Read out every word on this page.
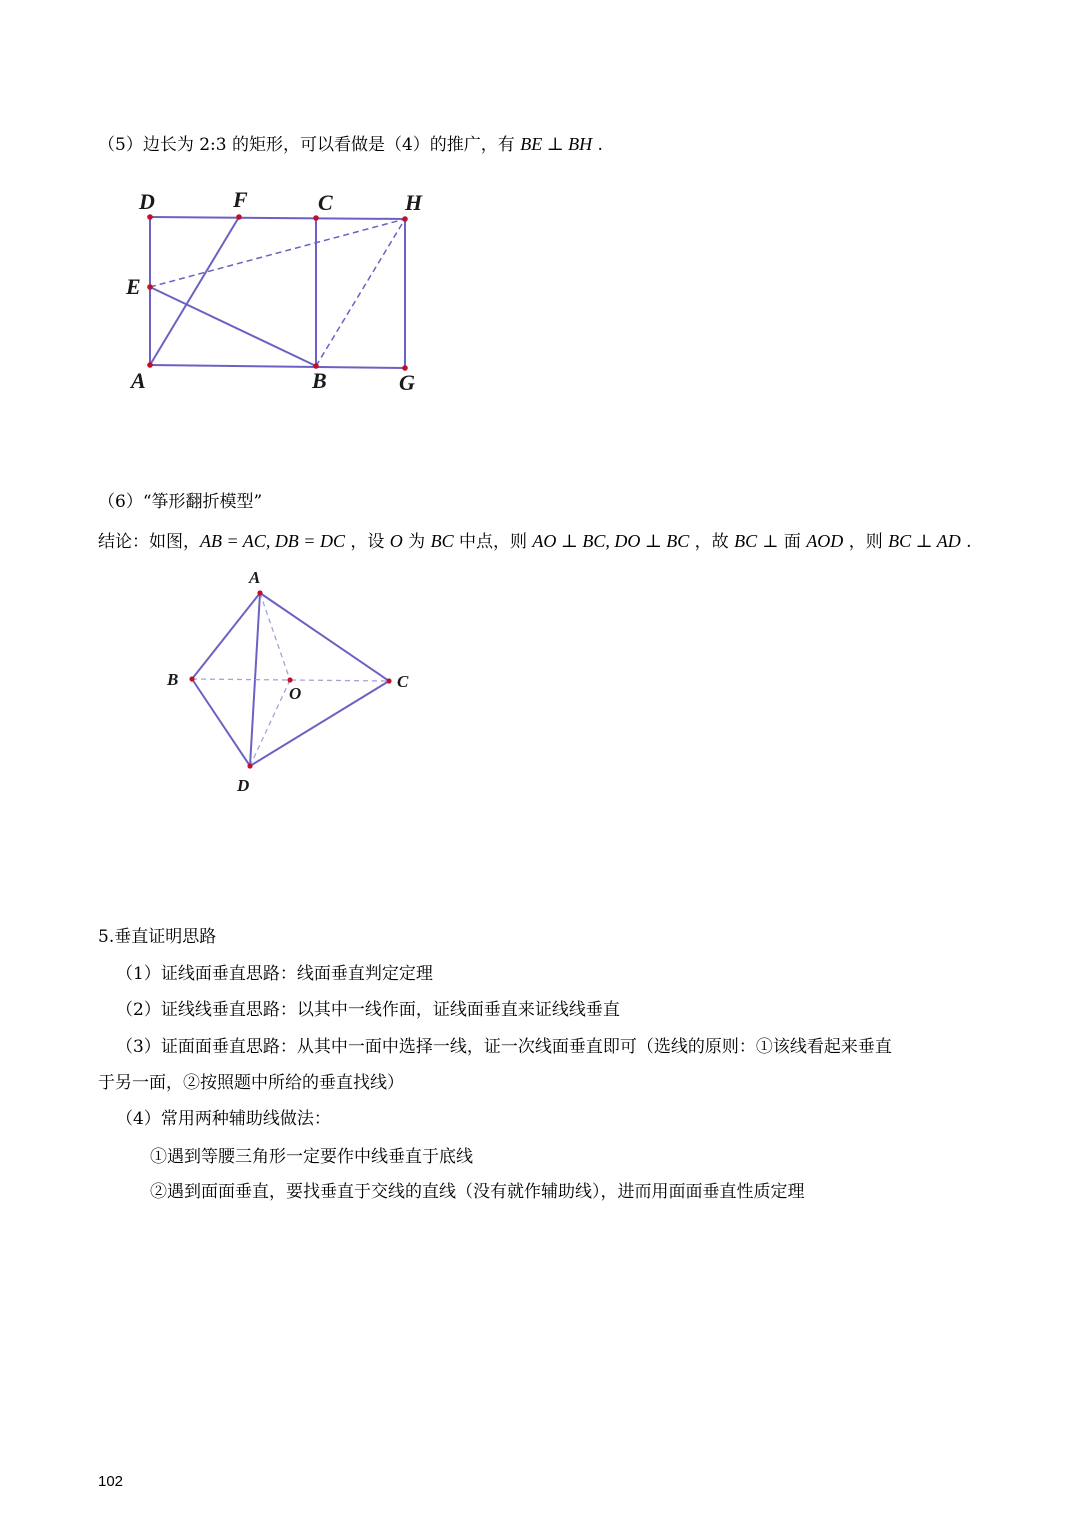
（5）边长为 2:3 的矩形，可以看做是（4）的推广，有 BE ⊥ BH .
D	F	C	H
E
A	B	G
（6）“筝形翻折模型”
结论：如图，AB = AC, DB = DC ，设 O 为 BC 中点，则 AO ⊥ BC, DO ⊥ BC ，故 BC ⊥ 面 AOD ，则 BC ⊥ AD .
A
B	C
O
D
5.垂直证明思路
（1）证线面垂直思路：线面垂直判定定理
（2）证线线垂直思路：以其中一线作面，证线面垂直来证线线垂直
（3）证面面垂直思路：从其中一面中选择一线，证一次线面垂直即可（选线的原则：①该线看起来垂直
于另一面，②按照题中所给的垂直找线）
（4）常用两种辅助线做法：
①遇到等腰三角形一定要作中线垂直于底线
②遇到面面垂直，要找垂直于交线的直线（没有就作辅助线），进而用面面垂直性质定理
102
